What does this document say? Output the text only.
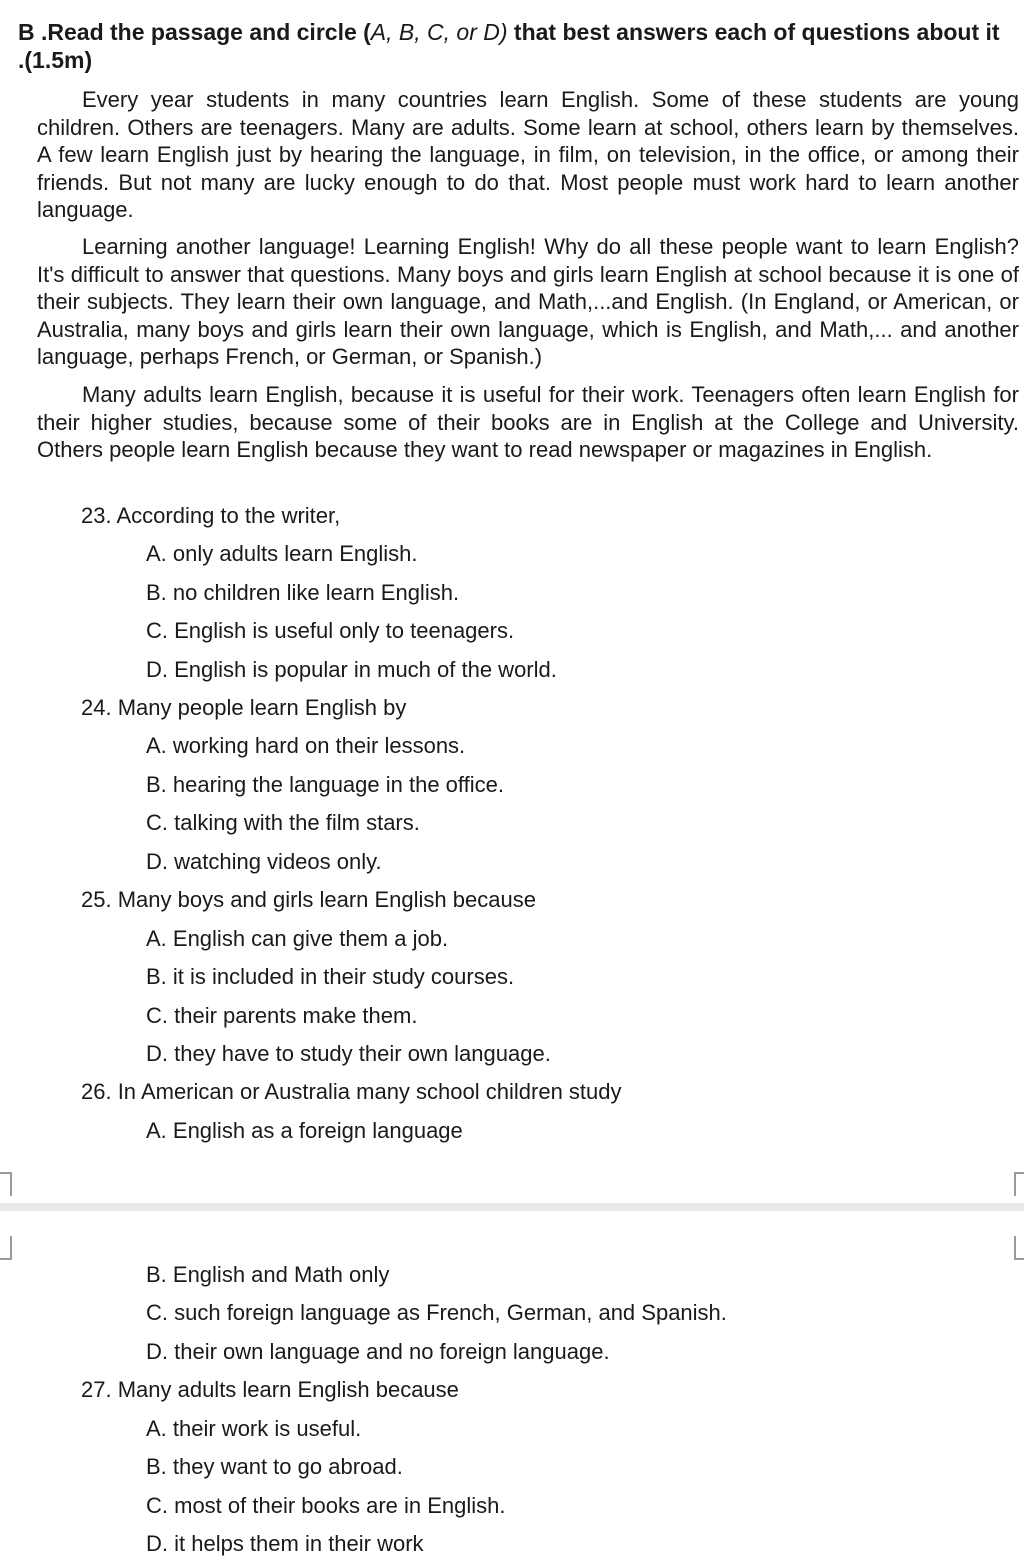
B .Read the passage and circle (A, B, C, or D) that best answers each of questions about it
.(1.5m)

Every year students in many countries learn English. Some of these students are young children. Others are teenagers. Many are adults. Some learn at school, others learn by themselves. A few learn English just by hearing the language, in film, on television, in the office, or among their friends. But not many are lucky enough to do that. Most people must work hard to learn another language.

Learning another language! Learning English! Why do all these people want to learn English? It's difficult to answer that questions. Many boys and girls learn English at school because it is one of their subjects. They learn their own language, and Math,...and English. (In England, or American, or Australia, many boys and girls learn their own language, which is English, and Math,... and another language, perhaps French, or German, or Spanish.)

Many adults learn English, because it is useful for their work. Teenagers often learn English for their higher studies, because some of their books are in English at the College and University. Others people learn English because they want to read newspaper or magazines in English.

23. According to the writer,
A. only adults learn English.
B. no children like learn English.
C. English is useful only to teenagers.
D. English is popular in much of the world.
24. Many people learn English by
A. working hard on their lessons.
B. hearing the language in the office.
C. talking with the film stars.
D. watching videos only.
25. Many boys and girls learn English because
A. English can give them a job.
B. it is included in their study courses.
C. their parents make them.
D. they have to study their own language.
26. In American or Australia many school children study
A. English as a foreign language
B. English and Math only
C. such foreign language as French, German, and Spanish.
D. their own language and no foreign language.
27. Many adults learn English because
A. their work is useful.
B. they want to go abroad.
C. most of their books are in English.
D. it helps them in their work
